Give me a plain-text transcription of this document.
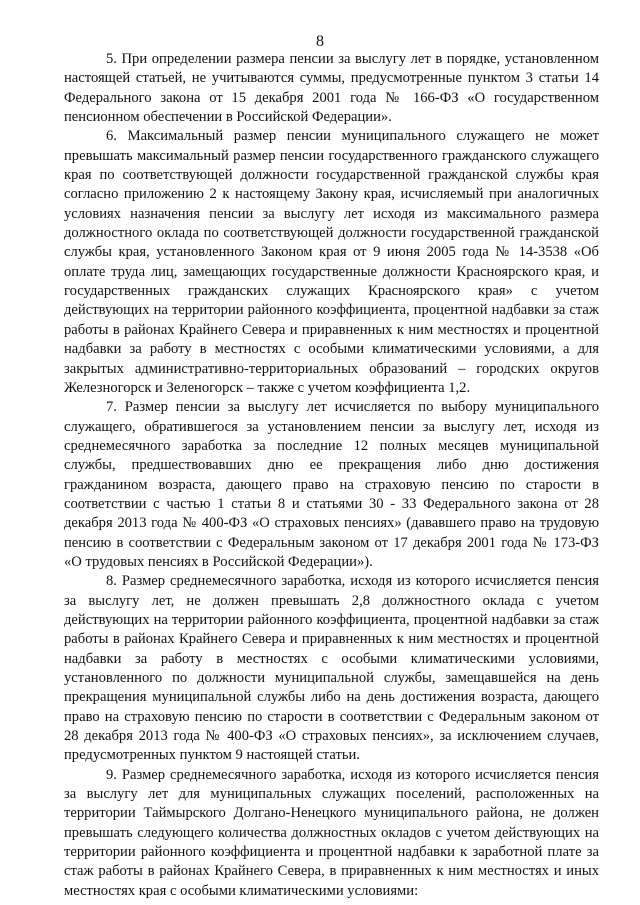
8

5. При определении размера пенсии за выслугу лет в порядке, установленном настоящей статьей, не учитываются суммы, предусмотренные пунктом 3 статьи 14 Федерального закона от 15 декабря 2001 года № 166-ФЗ «О государственном пенсионном обеспечении в Российской Федерации».

6. Максимальный размер пенсии муниципального служащего не может превышать максимальный размер пенсии государственного гражданского служащего края по соответствующей должности государственной гражданской службы края согласно приложению 2 к настоящему Закону края, исчисляемый при аналогичных условиях назначения пенсии за выслугу лет исходя из максимального размера должностного оклада по соответствующей должности государственной гражданской службы края, установленного Законом края от 9 июня 2005 года № 14-3538 «Об оплате труда лиц, замещающих государственные должности Красноярского края, и государственных гражданских служащих Красноярского края» с учетом действующих на территории районного коэффициента, процентной надбавки за стаж работы в районах Крайнего Севера и приравненных к ним местностях и процентной надбавки за работу в местностях с особыми климатическими условиями, а для закрытых административно-территориальных образований – городских округов Железногорск и Зеленогорск – также с учетом коэффициента 1,2.

7. Размер пенсии за выслугу лет исчисляется по выбору муниципального служащего, обратившегося за установлением пенсии за выслугу лет, исходя из среднемесячного заработка за последние 12 полных месяцев муниципальной службы, предшествовавших дню ее прекращения либо дню достижения гражданином возраста, дающего право на страховую пенсию по старости в соответствии с частью 1 статьи 8 и статьями 30 - 33 Федерального закона от 28 декабря 2013 года № 400-ФЗ «О страховых пенсиях» (дававшего право на трудовую пенсию в соответствии с Федеральным законом от 17 декабря 2001 года № 173-ФЗ «О трудовых пенсиях в Российской Федерации»).

8. Размер среднемесячного заработка, исходя из которого исчисляется пенсия за выслугу лет, не должен превышать 2,8 должностного оклада с учетом действующих на территории районного коэффициента, процентной надбавки за стаж работы в районах Крайнего Севера и приравненных к ним местностях и процентной надбавки за работу в местностях с особыми климатическими условиями, установленного по должности муниципальной службы, замещавшейся на день прекращения муниципальной службы либо на день достижения возраста, дающего право на страховую пенсию по старости в соответствии с Федеральным законом от 28 декабря 2013 года № 400-ФЗ «О страховых пенсиях», за исключением случаев, предусмотренных пунктом 9 настоящей статьи.

9. Размер среднемесячного заработка, исходя из которого исчисляется пенсия за выслугу лет для муниципальных служащих поселений, расположенных на территории Таймырского Долгано-Ненецкого муниципального района, не должен превышать следующего количества должностных окладов с учетом действующих на территории районного коэффициента и процентной надбавки к заработной плате за стаж работы в районах Крайнего Севера, в приравненных к ним местностях и иных местностях края с особыми климатическими условиями:
